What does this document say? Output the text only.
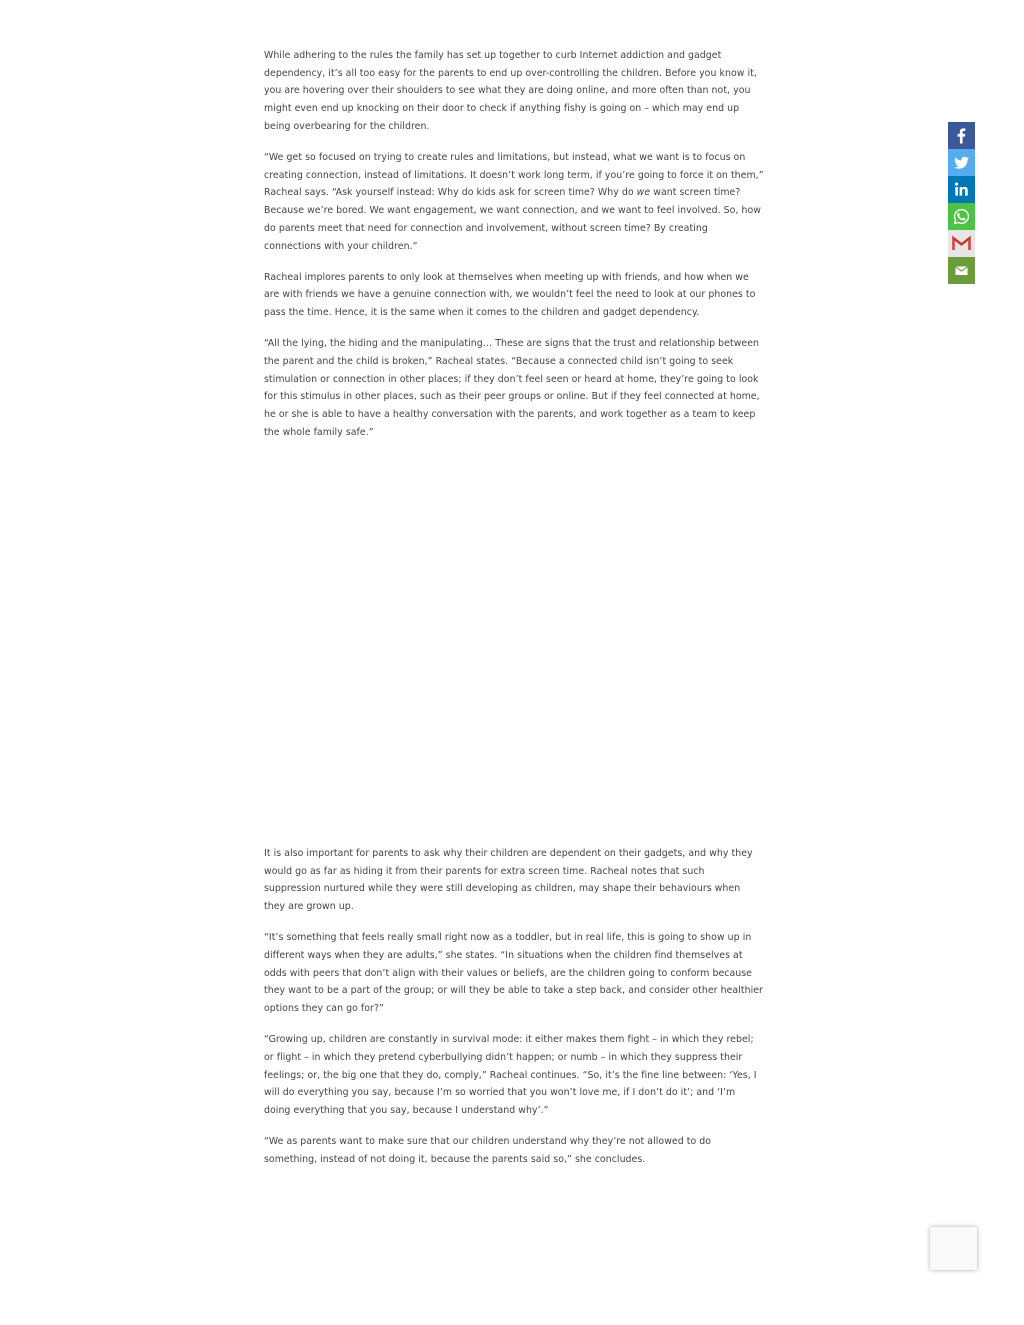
While adhering to the rules the family has set up together to curb Internet addiction and gadget dependency, it’s all too easy for the parents to end up over-controlling the children. Before you know it, you are hovering over their shoulders to see what they are doing online, and more often than not, you might even end up knocking on their door to check if anything fishy is going on – which may end up being overbearing for the children.

“We get so focused on trying to create rules and limitations, but instead, what we want is to focus on creating connection, instead of limitations. It doesn’t work long term, if you’re going to force it on them,” Racheal says. “Ask yourself instead: Why do kids ask for screen time? Why do we want screen time? Because we’re bored. We want engagement, we want connection, and we want to feel involved. So, how do parents meet that need for connection and involvement, without screen time? By creating connections with your children.”

Racheal implores parents to only look at themselves when meeting up with friends, and how when we are with friends we have a genuine connection with, we wouldn’t feel the need to look at our phones to pass the time. Hence, it is the same when it comes to the children and gadget dependency.

“All the lying, the hiding and the manipulating… These are signs that the trust and relationship between the parent and the child is broken,” Racheal states. “Because a connected child isn’t going to seek stimulation or connection in other places; if they don’t feel seen or heard at home, they’re going to look for this stimulus in other places, such as their peer groups or online. But if they feel connected at home, he or she is able to have a healthy conversation with the parents, and work together as a team to keep the whole family safe.”

It is also important for parents to ask why their children are dependent on their gadgets, and why they would go as far as hiding it from their parents for extra screen time. Racheal notes that such suppression nurtured while they were still developing as children, may shape their behaviours when they are grown up.

“It’s something that feels really small right now as a toddler, but in real life, this is going to show up in different ways when they are adults,” she states. “In situations when the children find themselves at odds with peers that don’t align with their values or beliefs, are the children going to conform because they want to be a part of the group; or will they be able to take a step back, and consider other healthier options they can go for?”

“Growing up, children are constantly in survival mode: it either makes them fight – in which they rebel; or flight – in which they pretend cyberbullying didn’t happen; or numb – in which they suppress their feelings; or, the big one that they do, comply,” Racheal continues. “So, it’s the fine line between: ‘Yes, I will do everything you say, because I’m so worried that you won’t love me, if I don’t do it’; and ‘I’m doing everything that you say, because I understand why’.”

“We as parents want to make sure that our children understand why they’re not allowed to do something, instead of not doing it, because the parents said so,” she concludes.
